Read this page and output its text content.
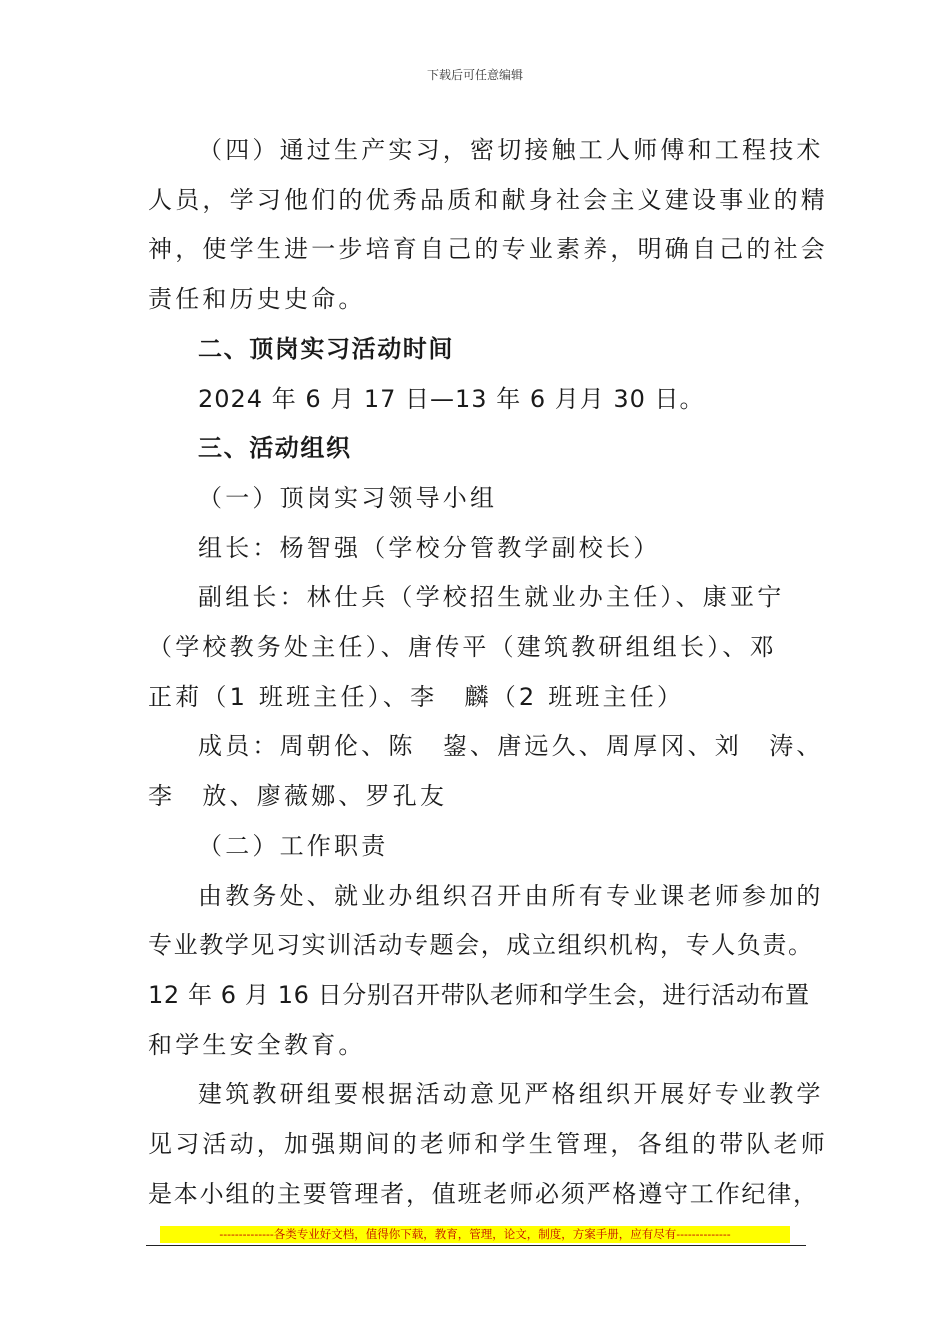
下载后可任意编辑

（四）通过生产实习，密切接触工人师傅和工程技术

人员，学习他们的优秀品质和献身社会主义建设事业的精

神，使学生进一步培育自己的专业素养，明确自己的社会

责任和历史史命。

二、顶岗实习活动时间

2024 年 6 月 17 日—13 年 6 月月 30 日。

三、活动组织

（一）顶岗实习领导小组

组长：杨智强（学校分管教学副校长）

副组长：林仕兵（学校招生就业办主任）、康亚宁

（学校教务处主任）、唐传平（建筑教研组组长）、邓

正莉（1 班班主任）、李　麟（2 班班主任）

成员：周朝伦、陈　鋆、唐远久、周厚冈、刘　涛、

李　放、廖薇娜、罗孔友

（二）工作职责

由教务处、就业办组织召开由所有专业课老师参加的

专业教学见习实训活动专题会，成立组织机构，专人负责。

12 年 6 月 16 日分别召开带队老师和学生会，进行活动布置

和学生安全教育。

建筑教研组要根据活动意见严格组织开展好专业教学

见习活动，加强期间的老师和学生管理，各组的带队老师

是本小组的主要管理者，值班老师必须严格遵守工作纪律，

--------------各类专业好文档，值得你下载，教育，管理，论文，制度，方案手册，应有尽有--------------
